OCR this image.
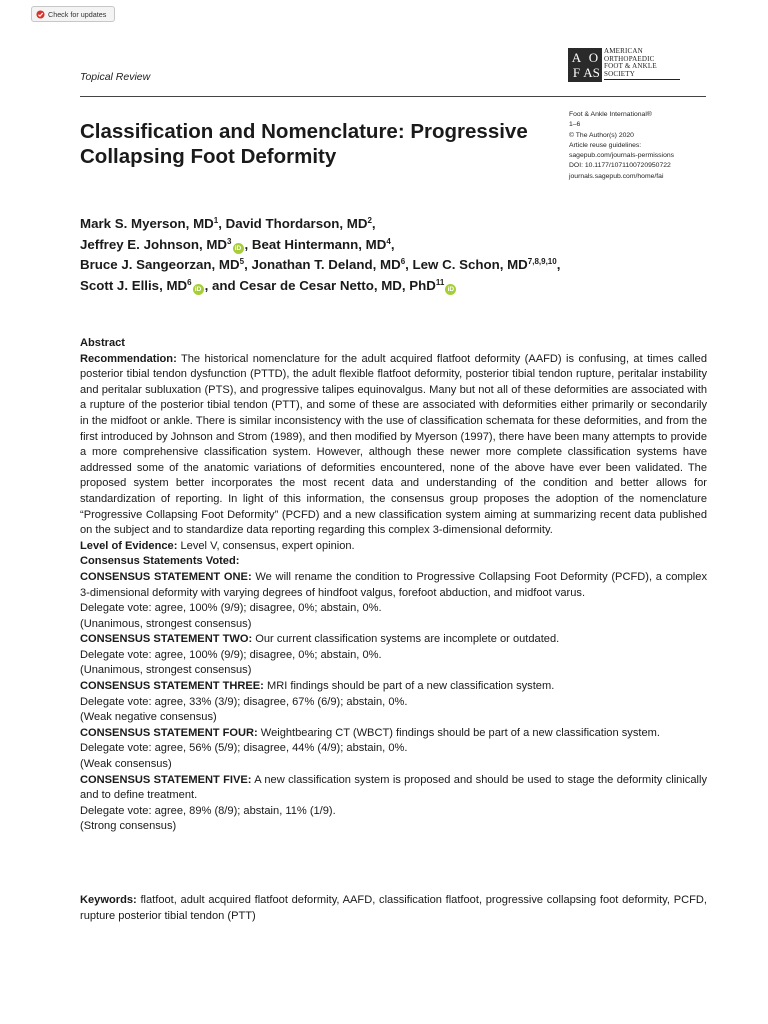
Check for updates
Topical Review
A O
F AS
AMERICAN
ORTHOPAEDIC
FOOT & ANKLE
SOCIETY
Foot & Ankle International®
1–6
© The Author(s) 2020
Article reuse guidelines:
sagepub.com/journals-permissions
DOI: 10.1177/1071100720950722
journals.sagepub.com/home/fai
Classification and Nomenclature: Progressive Collapsing Foot Deformity
Mark S. Myerson, $MD^1$, David Thordarson, $MD^2$,
Jeffrey E. Johnson, $MD^3iD$ , Beat Hintermann, $MD^4$,
Bruce J. Sangeorzan, $MD^5$, Jonathan T. Deland, $MD^6$, Lew C. Schon, MD$^{7,8,9,10}$,
Scott J. Ellis, $MD^6iD$ , and Cesar de Cesar Netto, MD, PhD$^{11}$iD

Abstract

Recommendation: The historical nomenclature for the adult acquired flatfoot deformity (AAFD) is confusing, at times called posterior tibial tendon dysfunction (PTTD), the adult flexible flatfoot deformity, posterior tibial tendon rupture, peritalar instability and peritalar subluxation (PTS), and progressive talipes equinovalgus. Many but not all of these deformities are associated with a rupture of the posterior tibial tendon (PTT), and some of these are associated with deformities either primarily or secondarily in the midfoot or ankle. There is similar inconsistency with the use of classification schemata for these deformities, and from the first introduced by Johnson and Strom (1989), and then modified by Myerson (1997), there have been many attempts to provide a more comprehensive classification system. However, although these newer more complete classification systems have addressed some of the anatomic variations of deformities encountered, none of the above have ever been validated. The proposed system better incorporates the most recent data and understanding of the condition and better allows for standardization of reporting. In light of this information, the consensus group proposes the adoption of the nomenclature “Progressive Collapsing Foot Deformity” (PCFD) and a new classification system aiming at summarizing recent data published on the subject and to standardize data reporting regarding this complex 3-dimensional deformity.

Level of Evidence: Level V, consensus, expert opinion.

Consensus Statements Voted:

CONSENSUS STATEMENT ONE: We will rename the condition to Progressive Collapsing Foot Deformity (PCFD), a complex 3-dimensional deformity with varying degrees of hindfoot valgus, forefoot abduction, and midfoot varus.

Delegate vote: agree, 100% (9/9); disagree, 0%; abstain, 0%.

(Unanimous, strongest consensus)

CONSENSUS STATEMENT TWO: Our current classification systems are incomplete or outdated.

Delegate vote: agree, 100% (9/9); disagree, 0%; abstain, 0%.

(Unanimous, strongest consensus)

CONSENSUS STATEMENT THREE: MRI findings should be part of a new classification system.

Delegate vote: agree, 33% (3/9); disagree, 67% (6/9); abstain, 0%.

(Weak negative consensus)

CONSENSUS STATEMENT FOUR: Weightbearing CT (WBCT) findings should be part of a new classification system.

Delegate vote: agree, 56% (5/9); disagree, 44% (4/9); abstain, 0%.

(Weak consensus)

CONSENSUS STATEMENT FIVE: A new classification system is proposed and should be used to stage the deformity clinically and to define treatment.

Delegate vote: agree, 89% (8/9); abstain, 11% (1/9).

(Strong consensus)

Keywords: flatfoot, adult acquired flatfoot deformity, AAFD, classification flatfoot, progressive collapsing foot deformity, PCFD, rupture posterior tibial tendon (PTT)
